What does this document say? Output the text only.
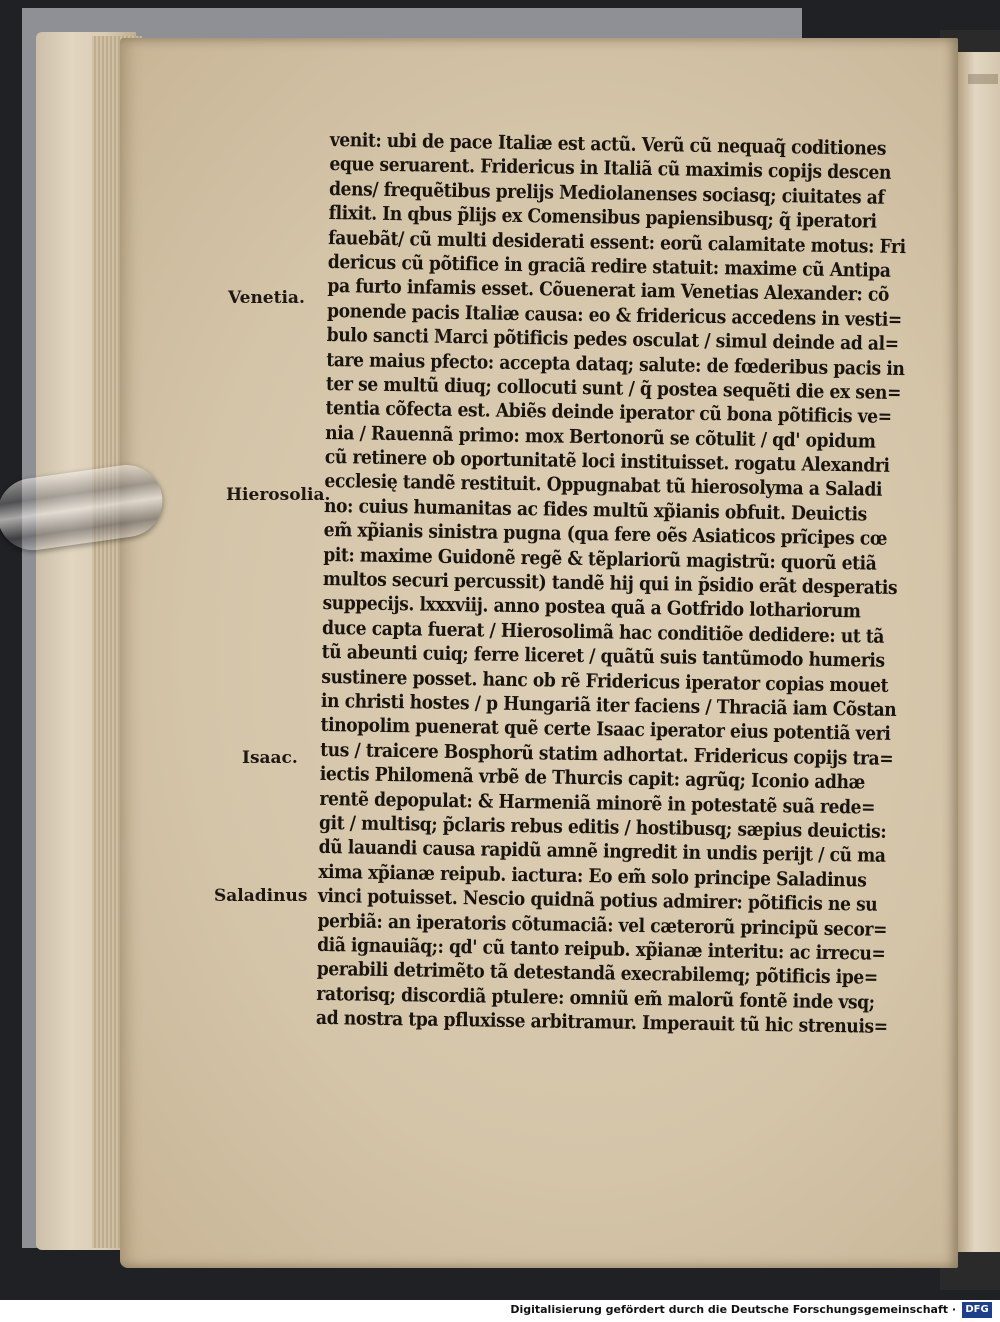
Venetia.
Hierosolia.
Isaac.
Saladinus
venit: ubi de pace Italiæ est actũ. Verũ cũ nequaq̃ coditiones
eque seruarent. Fridericus in Italiã cũ maximis copijs descen
dens/ frequẽtibus prelijs Mediolanenses sociasq; ciuitates af
flixit. In qbus p̃lijs ex Comensibus papiensibusq; q̃ iperatori
fauebãt/ cũ multi desiderati essent: eorũ calamitate motus: Fri
dericus cũ põtifice in graciã redire statuit: maxime cũ Antipa
pa furto infamis esset. Cõuenerat iam Venetias Alexander: cõ
ponende pacis Italiæ causa: eo & fridericus accedens in vesti=
bulo sancti Marci põtificis pedes osculat / simul deinde ad al=
tare maius pfecto: accepta dataq; salute: de fœderibus pacis in
ter se multũ diuq; collocuti sunt / q̃ postea sequẽti die ex sen=
tentia cõfecta est. Abiẽs deinde iperator cũ bona põtificis ve=
nia / Rauennã primo: mox Bertonorũ se cõtulit / qd' opidum
cũ retinere ob oportunitatẽ loci instituisset. rogatu Alexandri
ecclesię tandẽ restituit. Oppugnabat tũ hierosolyma a Saladi
no: cuius humanitas ac fides multũ xp̃ianis obfuit. Deuictis
em̃ xp̃ianis sinistra pugna (qua fere oẽs Asiaticos prĩcipes cœ
pit: maxime Guidonẽ regẽ & tẽplariorũ magistrũ: quorũ etiã
multos securi percussit) tandẽ hij qui in p̃sidio erãt desperatis
suppecijs. lxxxviij. anno postea quã a Gotfrido lothariorum
duce capta fuerat / Hierosolimã hac conditiõe dedidere: ut tã
tũ abeunti cuiq; ferre liceret / quãtũ suis tantũmodo humeris
sustinere posset. hanc ob rẽ Fridericus iperator copias mouet
in christi hostes / p Hungariã iter faciens / Thraciã iam Cõstan
tinopolim puenerat quẽ certe Isaac iperator eius potentiã veri
tus / traicere Bosphorũ statim adhortat. Fridericus copijs tra=
iectis Philomenã vrbẽ de Thurcis capit: agrũq; Iconio adhæ
rentẽ depopulat: & Harmeniã minorẽ in potestatẽ suã rede=
git / multisq; p̃claris rebus editis / hostibusq; sæpius deuictis:
dũ lauandi causa rapidũ amnẽ ingredit in undis perijt / cũ ma
xima xp̃ianæ reipub. iactura: Eo em̃ solo principe Saladinus
vinci potuisset. Nescio quidnã potius admirer: põtificis ne su
perbiã: an iperatoris cõtumaciã: vel cæterorũ principũ secor=
diã ignauiãq;: qd' cũ tanto reipub. xp̃ianæ interitu: ac irrecu=
perabili detrimẽto tã detestandã execrabilemq; põtificis ipe=
ratorisq; discordiã ptulere: omniũ em̃ malorũ fontẽ inde vsq;
ad nostra tpa pfluxisse arbitramur. Imperauit tũ hic strenuis=
Digitalisierung gefördert durch die Deutsche Forschungsgemeinschaft · DFG
